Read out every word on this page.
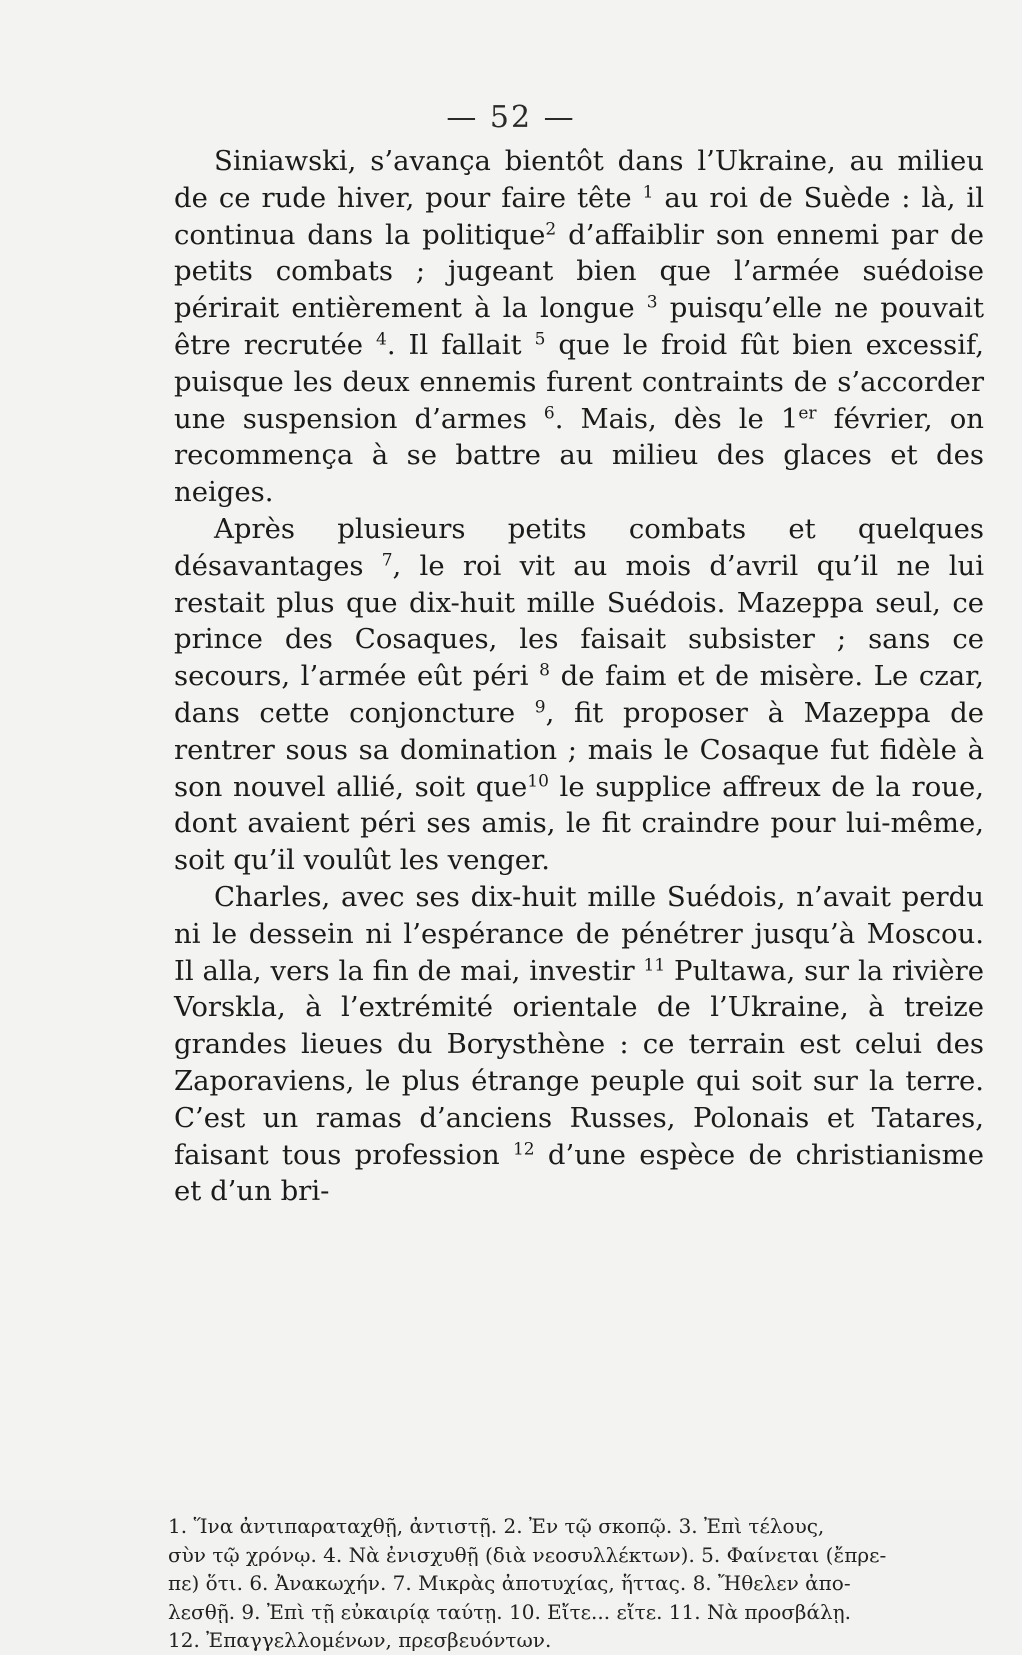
— 52 —

Siniawski, s’avança bientôt dans l’Ukraine, au milieu de ce rude hiver, pour faire tête $^1$ au roi de Suède : là, il continua dans la politique$^2$ d’affaiblir son ennemi par de petits combats ; jugeant bien que l’armée suédoise périrait entièrement à la longue $^3$ puisqu’elle ne pouvait être recrutée $^4$. Il fallait $^5$ que le froid fût bien excessif, puisque les deux ennemis furent contraints de s’accorder une suspension d’armes $^6$. Mais, dès le 1er février, on recommença à se battre au milieu des glaces et des neiges.

Après plusieurs petits combats et quelques désavantages $^7$, le roi vit au mois d’avril qu’il ne lui restait plus que dix-huit mille Suédois. Mazeppa seul, ce prince des Cosaques, les faisait subsister ; sans ce secours, l’armée eût péri $^8$ de faim et de misère. Le czar, dans cette conjoncture $^9$, fit proposer à Mazeppa de rentrer sous sa domination ; mais le Cosaque fut fidèle à son nouvel allié, soit que$^{10}$ le supplice affreux de la roue, dont avaient péri ses amis, le fit craindre pour lui-même, soit qu’il voulût les venger.

Charles, avec ses dix-huit mille Suédois, n’avait perdu ni le dessein ni l’espérance de pénétrer jusqu’à Moscou. Il alla, vers la fin de mai, investir $^{11}$ Pultawa, sur la rivière Vorskla, à l’extrémité orientale de l’Ukraine, à treize grandes lieues du Borysthène : ce terrain est celui des Zaporaviens, le plus étrange peuple qui soit sur la terre. C’est un ramas d’anciens Russes, Polonais et Tatares, faisant tous profession $^{12}$ d’une espèce de christianisme et d’un bri-

1. Ἵνα ἀντιπαραταχθῇ, ἀντιστῇ. 2. Ἐν τῷ σκοπῷ. 3. Ἐπὶ τέλους,
σὺν τῷ χρόνῳ. 4. Νὰ ἐνισχυθῇ (διὰ νεοσυλλέκτων). 5. Φαίνεται (ἔπρε-
πε) ὅτι. 6. Ἀνακωχήν. 7. Μικρὰς ἀποτυχίας, ἥττας. 8. Ἤθελεν ἀπο-
λεσθῇ. 9. Ἐπὶ τῇ εὐκαιρίᾳ ταύτῃ. 10. Εἴτε... εἴτε. 11. Νὰ προσβάλῃ.
12. Ἐπαγγελλομένων, πρεσβευόντων.
